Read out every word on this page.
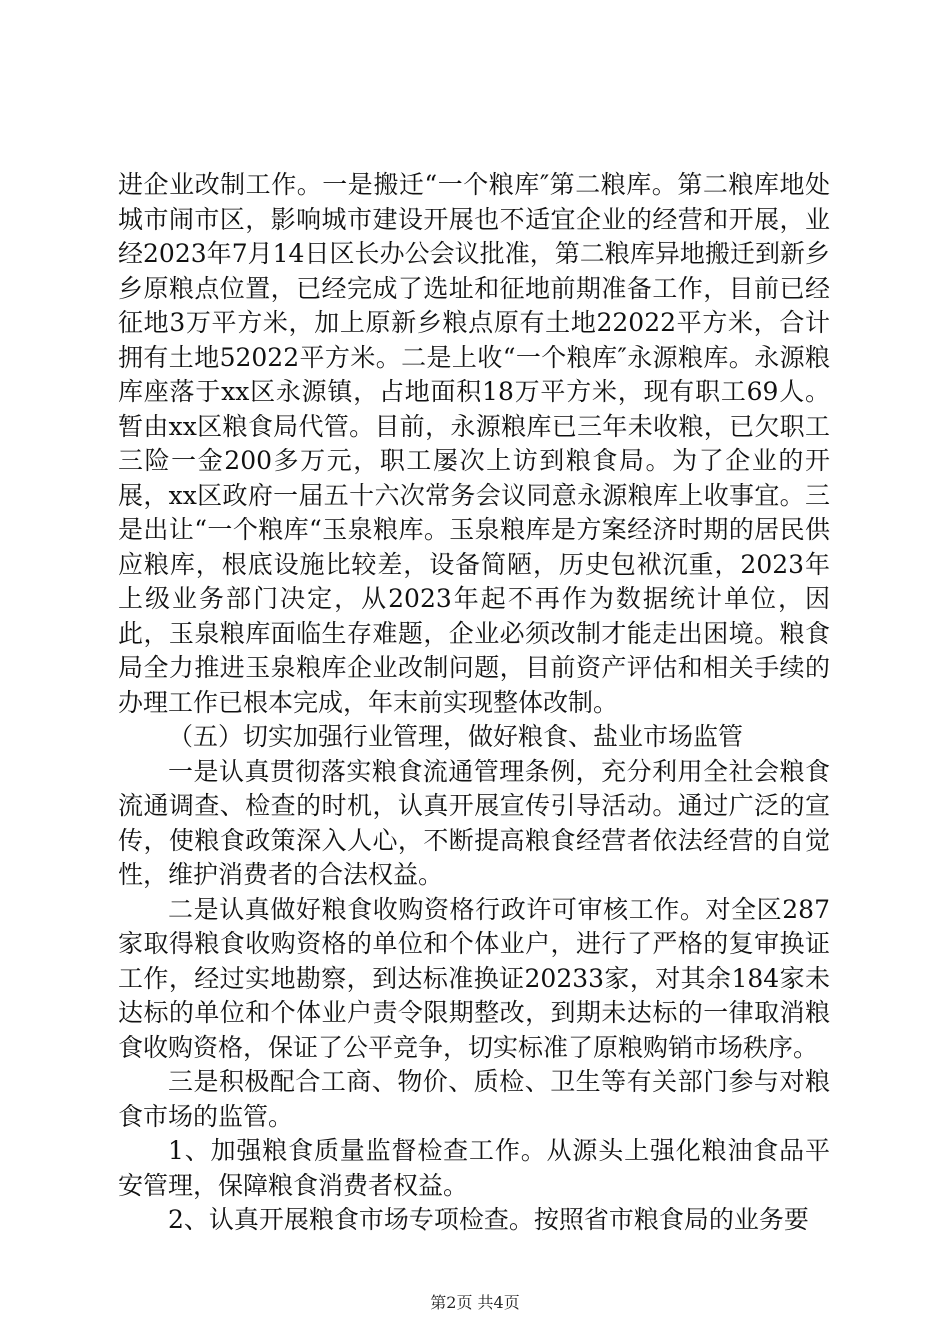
进企业改制工作。一是搬迁“一个粮库″第二粮库。第二粮库地处城市闹市区，影响城市建设开展也不适宜企业的经营和开展，业经2023年7月14日区长办公会议批准，第二粮库异地搬迁到新乡乡原粮点位置，已经完成了选址和征地前期准备工作，目前已经征地3万平方米，加上原新乡粮点原有土地22022平方米，合计拥有土地52022平方米。二是上收“一个粮库″永源粮库。永源粮库座落于xx区永源镇，占地面积18万平方米，现有职工69人。暂由xx区粮食局代管。目前，永源粮库已三年未收粮，已欠职工三险一金200多万元，职工屡次上访到粮食局。为了企业的开展，xx区政府一届五十六次常务会议同意永源粮库上收事宜。三是出让“一个粮库“玉泉粮库。玉泉粮库是方案经济时期的居民供应粮库，根底设施比较差，设备简陋，历史包袱沉重，2023年上级业务部门决定，从2023年起不再作为数据统计单位，因此，玉泉粮库面临生存难题，企业必须改制才能走出困境。粮食局全力推进玉泉粮库企业改制问题，目前资产评估和相关手续的办理工作已根本完成，年末前实现整体改制。

（五）切实加强行业管理，做好粮食、盐业市场监管

一是认真贯彻落实粮食流通管理条例，充分利用全社会粮食流通调查、检查的时机，认真开展宣传引导活动。通过广泛的宣传，使粮食政策深入人心，不断提高粮食经营者依法经营的自觉性，维护消费者的合法权益。

二是认真做好粮食收购资格行政许可审核工作。对全区287家取得粮食收购资格的单位和个体业户，进行了严格的复审换证工作，经过实地勘察，到达标准换证20233家，对其余184家未达标的单位和个体业户责令限期整改，到期未达标的一律取消粮食收购资格，保证了公平竞争，切实标准了原粮购销市场秩序。

三是积极配合工商、物价、质检、卫生等有关部门参与对粮食市场的监管。

1、加强粮食质量监督检查工作。从源头上强化粮油食品平安管理，保障粮食消费者权益。

2、认真开展粮食市场专项检查。按照省市粮食局的业务要

第2页 共4页
